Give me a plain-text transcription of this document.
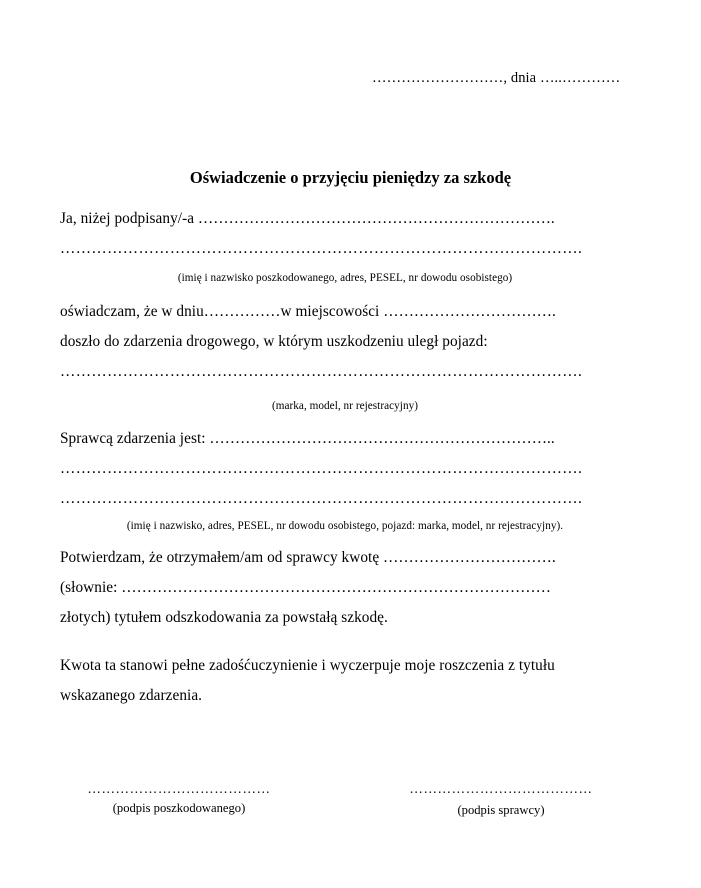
………………………, dnia …..…………
Oświadczenie o przyjęciu pieniędzy za szkodę
Ja, niżej podpisany/-a …………………………………………………………….
……………………………………………………………………………………….
(imię i nazwisko poszkodowanego, adres, PESEL, nr dowodu osobistego)
oświadczam, że w dniu……………w miejscowości …………………………….
doszło do zdarzenia drogowego, w którym uszkodzeniu uległ pojazd:
……………………………………………………………………………………….
(marka, model, nr rejestracyjny)
Sprawcą zdarzenia jest: …………………………………………………………..
……………………………………………………………………………………….
……………………………………………………………………………………….
(imię i nazwisko, adres, PESEL, nr dowodu osobistego, pojazd: marka, model, nr rejestracyjny).
Potwierdzam, że otrzymałem/am od sprawcy kwotę …………………………….
(słownie: …………………………………………………………………………
złotych) tytułem odszkodowania za powstałą szkodę.
Kwota ta stanowi pełne zadośćuczynienie i wyczerpuje moje roszczenia z tytułu
wskazanego zdarzenia.
…………………………………
(podpis poszkodowanego)
…………………………………
(podpis sprawcy)
